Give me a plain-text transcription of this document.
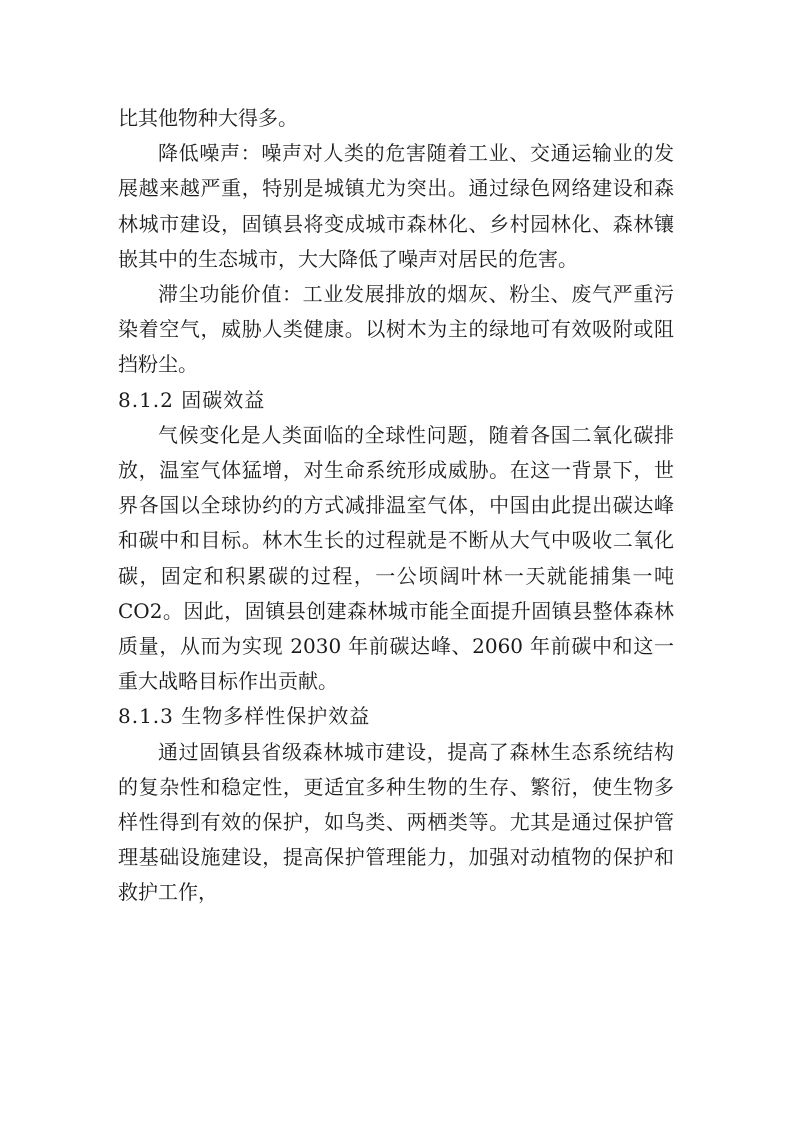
比其他物种大得多。

降低噪声：噪声对人类的危害随着工业、交通运输业的发展越来越严重，特别是城镇尤为突出。通过绿色网络建设和森林城市建设，固镇县将变成城市森林化、乡村园林化、森林镶嵌其中的生态城市，大大降低了噪声对居民的危害。

滞尘功能价值：工业发展排放的烟灰、粉尘、废气严重污染着空气，威胁人类健康。以树木为主的绿地可有效吸附或阻挡粉尘。

8.1.2 固碳效益

气候变化是人类面临的全球性问题，随着各国二氧化碳排放，温室气体猛增，对生命系统形成威胁。在这一背景下，世界各国以全球协约的方式减排温室气体，中国由此提出碳达峰和碳中和目标。林木生长的过程就是不断从大气中吸收二氧化碳，固定和积累碳的过程，一公顷阔叶林一天就能捕集一吨 CO2。因此，固镇县创建森林城市能全面提升固镇县整体森林质量，从而为实现 2030 年前碳达峰、2060 年前碳中和这一重大战略目标作出贡献。

8.1.3 生物多样性保护效益

通过固镇县省级森林城市建设，提高了森林生态系统结构的复杂性和稳定性，更适宜多种生物的生存、繁衍，使生物多样性得到有效的保护，如鸟类、两栖类等。尤其是通过保护管理基础设施建设，提高保护管理能力，加强对动植物的保护和救护工作，
